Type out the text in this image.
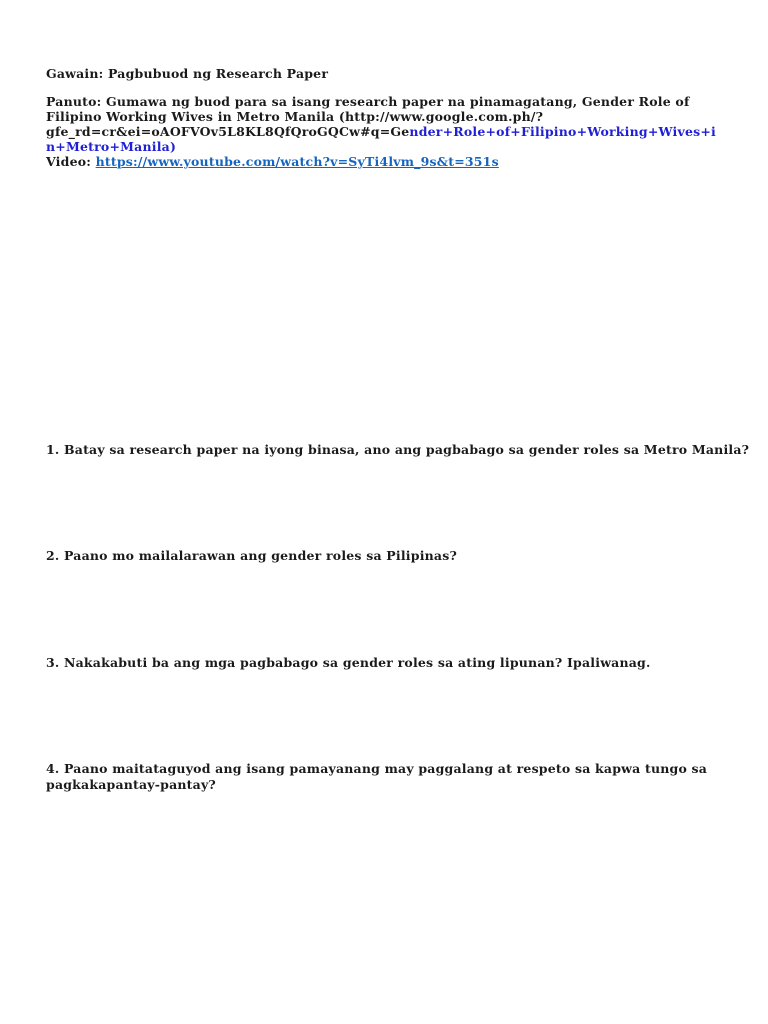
Gawain: Pagbubuod ng Research Paper
Panuto: Gumawa ng buod para sa isang research paper na pinamagatang, Gender Role of
Filipino Working Wives in Metro Manila (http://www.google.com.ph/?
gfe_rd=cr&ei=oAOFVOv5L8KL8QfQroGQCw#q=Gender+Role+of+Filipino+Working+Wives+i
n+Metro+Manila)
Video: https://www.youtube.com/watch?v=SyTi4lvm_9s&t=351s
1. Batay sa research paper na iyong binasa, ano ang pagbabago sa gender roles sa Metro Manila?
2. Paano mo mailalarawan ang gender roles sa Pilipinas?
3. Nakakabuti ba ang mga pagbabago sa gender roles sa ating lipunan? Ipaliwanag.
4. Paano maitataguyod ang isang pamayanang may paggalang at respeto sa kapwa tungo sa
pagkakapantay-pantay?
